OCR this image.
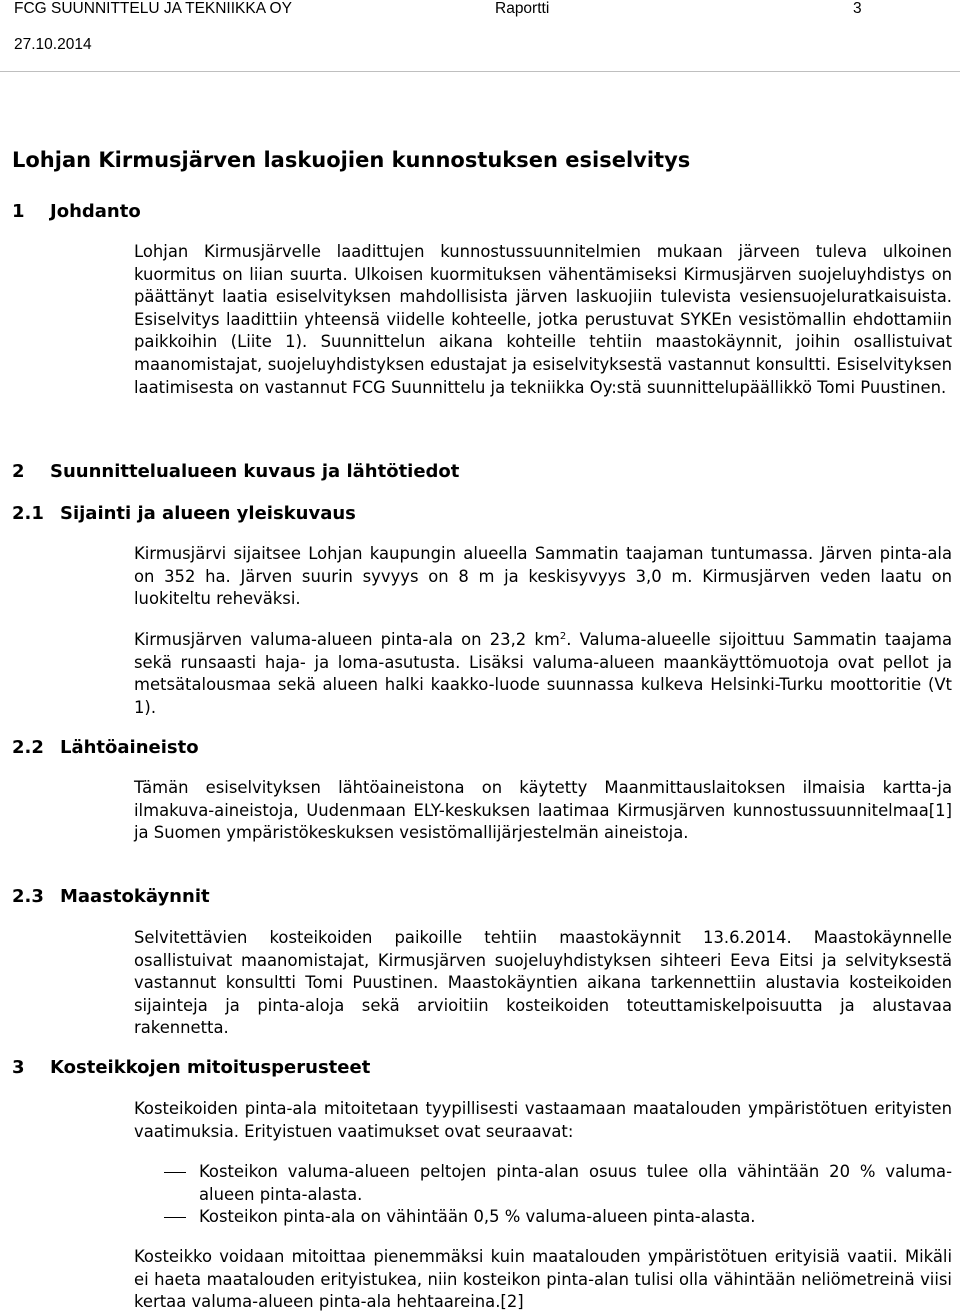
FCG SUUNNITTELU JA TEKNIIKKA OY	Raportti	3
27.10.2014
Lohjan Kirmusjärven laskuojien kunnostuksen esiselvitys
1 Johdanto

Lohjan Kirmusjärvelle laadittujen kunnostussuunnitelmien mukaan järveen tuleva ulkoinen kuormitus on liian suurta. Ulkoisen kuormituksen vähentämiseksi Kirmusjärven suojeluyhdistys on päättänyt laatia esiselvityksen mahdollisista järven laskuojiin tulevista vesiensuojeluratkaisuista. Esiselvitys laadittiin yhteensä viidelle kohteelle, jotka perustuvat SYKEn vesistömallin ehdottamiin paikkoihin (Liite 1). Suunnittelun aikana kohteille tehtiin maastokäynnit, joihin osallistuivat maanomistajat, suojeluyhdistyksen edustajat ja esiselvityksestä vastannut konsultti. Esiselvityksen laatimisesta on vastannut FCG Suunnittelu ja tekniikka Oy:stä suunnittelupäällikkö Tomi Puustinen.

2 Suunnittelualueen kuvaus ja lähtötiedot
2.1 Sijainti ja alueen yleiskuvaus

Kirmusjärvi sijaitsee Lohjan kaupungin alueella Sammatin taajaman tuntumassa. Järven pinta-ala on 352 ha. Järven suurin syvyys on 8 m ja keskisyvyys 3,0 m. Kirmusjärven veden laatu on luokiteltu reheväksi.

Kirmusjärven valuma-alueen pinta-ala on 23,2 $km^2$. Valuma-alueelle sijoittuu Sammatin taajama sekä runsaasti haja- ja loma-asutusta. Lisäksi valuma-alueen maankäyttömuotoja ovat pellot ja metsätalousmaa sekä alueen halki kaakko-luode suunnassa kulkeva Helsinki-Turku moottoritie (Vt 1).

2.2 Lähtöaineisto

Tämän esiselvityksen lähtöaineistona on käytetty Maanmittauslaitoksen ilmaisia kartta-ja ilmakuva-aineistoja, Uudenmaan ELY-keskuksen laatimaa Kirmusjärven kunnostussuunnitelmaa[1] ja Suomen ympäristökeskuksen vesistömallijärjestelmän aineistoja.

2.3 Maastokäynnit

Selvitettävien kosteikoiden paikoille tehtiin maastokäynnit 13.6.2014. Maastokäynnelle osallistuivat maanomistajat, Kirmusjärven suojeluyhdistyksen sihteeri Eeva Eitsi ja selvityksestä vastannut konsultti Tomi Puustinen. Maastokäyntien aikana tarkennettiin alustavia kosteikoiden sijainteja ja pinta-aloja sekä arvioitiin kosteikoiden toteuttamiskelpoisuutta ja alustavaa rakennetta.

3 Kosteikkojen mitoitusperusteet

Kosteikoiden pinta-ala mitoitetaan tyypillisesti vastaamaan maatalouden ympäristötuen erityisten vaatimuksia. Erityistuen vaatimukset ovat seuraavat:

Kosteikon valuma-alueen peltojen pinta-alan osuus tulee olla vähintään 20 % valuma-alueen pinta-alasta.
Kosteikon pinta-ala on vähintään 0,5 % valuma-alueen pinta-alasta.

Kosteikko voidaan mitoittaa pienemmäksi kuin maatalouden ympäristötuen erityisiä vaatii. Mikäli ei haeta maatalouden erityistukea, niin kosteikon pinta-alan tulisi olla vähintään neliömetreinä viisi kertaa valuma-alueen pinta-ala hehtaareina.[2]
